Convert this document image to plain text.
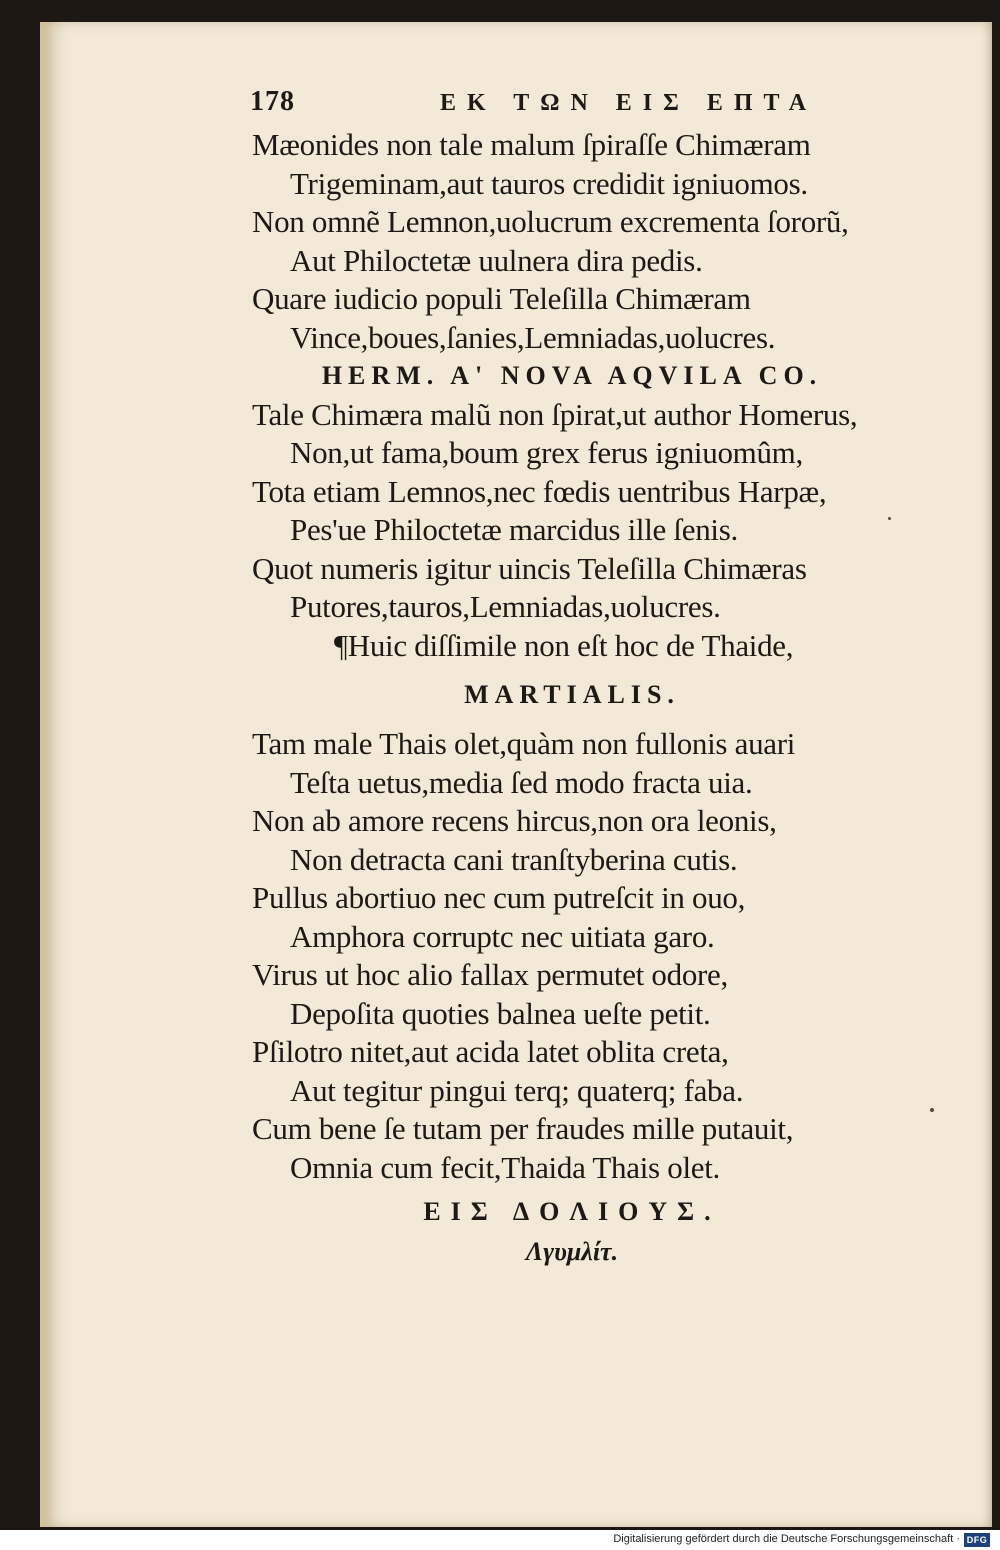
178	EK TΩN EIΣ EΠTA
Mæonides non tale malum ſpiraſſe Chimæram
Trigeminam,aut tauros credidit igniuomos.
Non omnẽ Lemnon,uolucrum excrementa ſororũ,
Aut Philoctetæ uulnera dira pedis.
Quare iudicio populi Teleſilla Chimæram
Vince,boues,ſanies,Lemniadas,uolucres.
HERM. A' NOVA AQVILA CO.
Tale Chimæra malũ non ſpirat,ut author Homerus,
Non,ut fama,boum grex ferus igniuomûm,
Tota etiam Lemnos,nec fœdis uentribus Harpæ,
Pes'ue Philoctetæ marcidus ille ſenis.
Quot numeris igitur uincis Teleſilla Chimæras
Putores,tauros,Lemniadas,uolucres.
¶Huic diſſimile non eſt hoc de Thaide,
MARTIALIS.
Tam male Thais olet,quàm non fullonis auari
Teſta uetus,media ſed modo fracta uia.
Non ab amore recens hircus,non ora leonis,
Non detracta cani tranſtyberina cutis.
Pullus abortiuo nec cum putreſcit in ouo,
Amphora corruptc nec uitiata garo.
Virus ut hoc alio fallax permutet odore,
Depoſita quoties balnea ueſte petit.
Pſilotro nitet,aut acida latet oblita creta,
Aut tegitur pingui terq; quaterq; faba.
Cum bene ſe tutam per fraudes mille putauit,
Omnia cum fecit,Thaida Thais olet.
EIΣ ΔOΛIOYΣ.
Λγυμλίτ.
Digitalisierung gefördert durch die Deutsche Forschungsgemeinschaft · DFG
